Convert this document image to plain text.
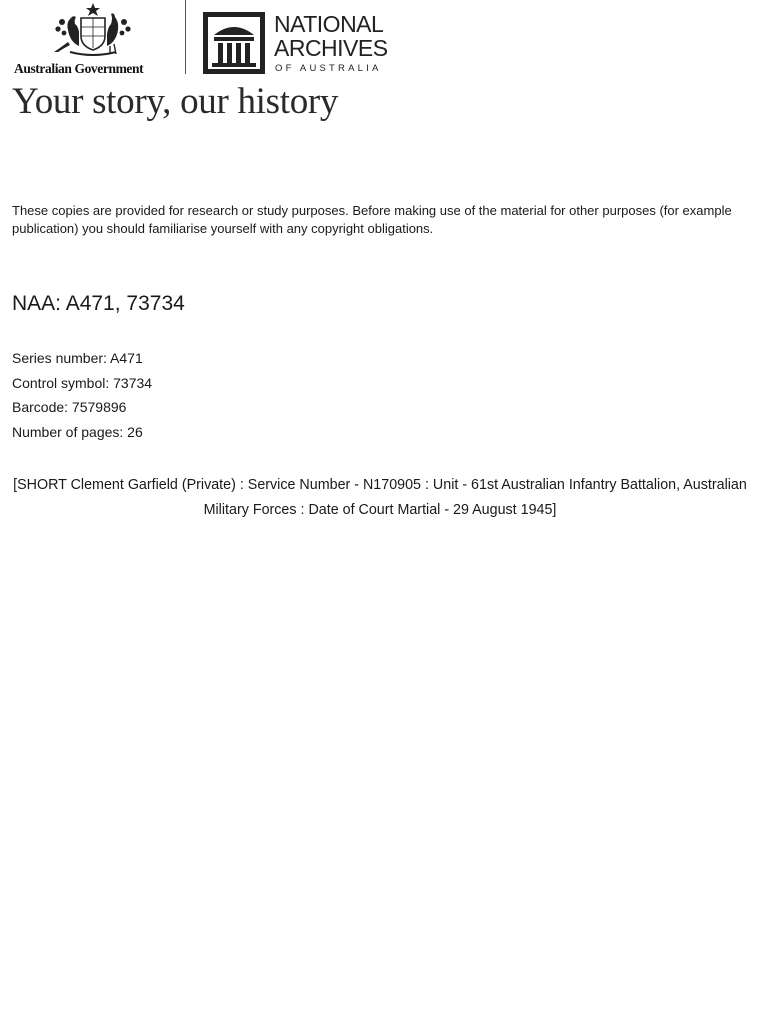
Australian Government
NATIONAL
ARCHIVES
OF AUSTRALIA
Your story, our history

These copies are provided for research or study purposes. Before making use of the material for other purposes (for example publication) you should familiarise yourself with any copyright obligations.

NAA: A471, 73734
Series number: A471
Control symbol: 73734
Barcode: 7579896
Number of pages: 26
[SHORT Clement Garfield (Private) : Service Number - N170905 : Unit - 61st Australian Infantry Battalion, Australian Military Forces : Date of Court Martial - 29 August 1945]
